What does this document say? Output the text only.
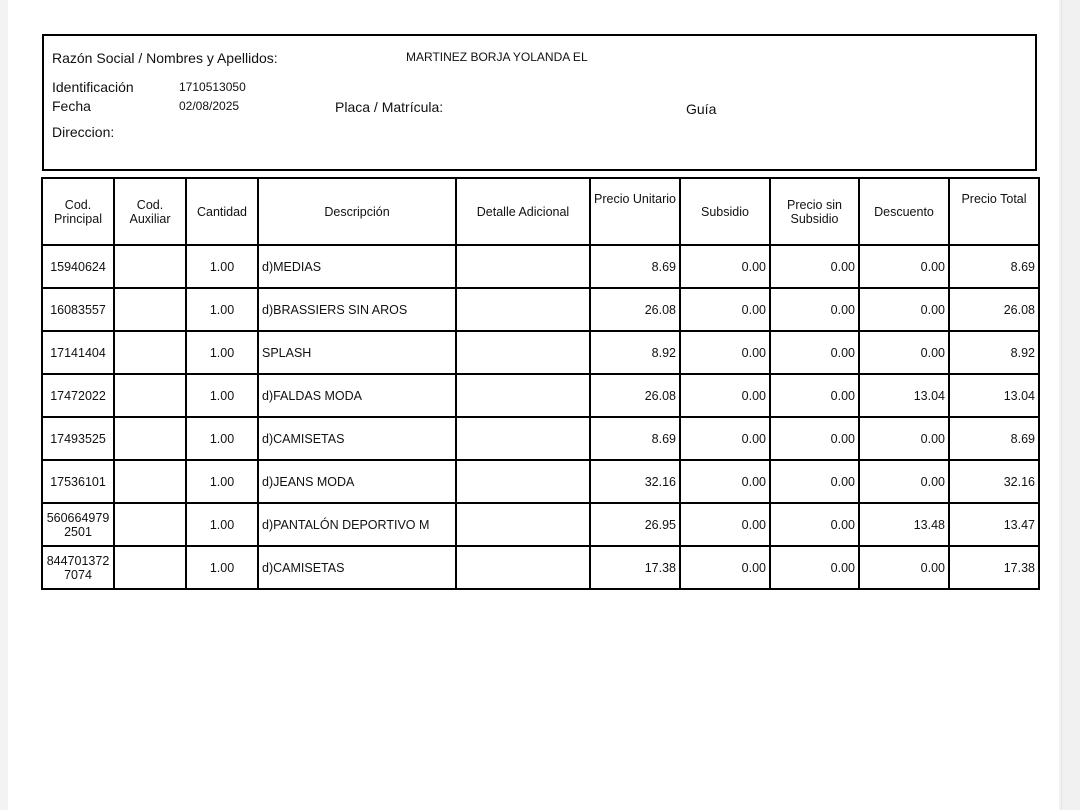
Razón Social / Nombres y Apellidos:	MARTINEZ BORJA YOLANDA EL
Identificación	1710513050
Fecha	02/08/2025	Placa / Matrícula:	Guía
Direccion:
Cod. Principal	Cod. Auxiliar	Cantidad	Descripción	Detalle Adicional	Precio Unitario	Subsidio	Precio sin Subsidio	Descuento	Precio Total
15940624		1.00	d)MEDIAS		8.69	0.00	0.00	0.00	8.69
16083557		1.00	d)BRASSIERS SIN AROS		26.08	0.00	0.00	0.00	26.08
17141404		1.00	SPLASH		8.92	0.00	0.00	0.00	8.92
17472022		1.00	d)FALDAS MODA		26.08	0.00	0.00	13.04	13.04
17493525		1.00	d)CAMISETAS		8.69	0.00	0.00	0.00	8.69
17536101		1.00	d)JEANS MODA		32.16	0.00	0.00	0.00	32.16
5606649792501		1.00	d)PANTALÓN DEPORTIVO M		26.95	0.00	0.00	13.48	13.47
8447013727074		1.00	d)CAMISETAS		17.38	0.00	0.00	0.00	17.38
